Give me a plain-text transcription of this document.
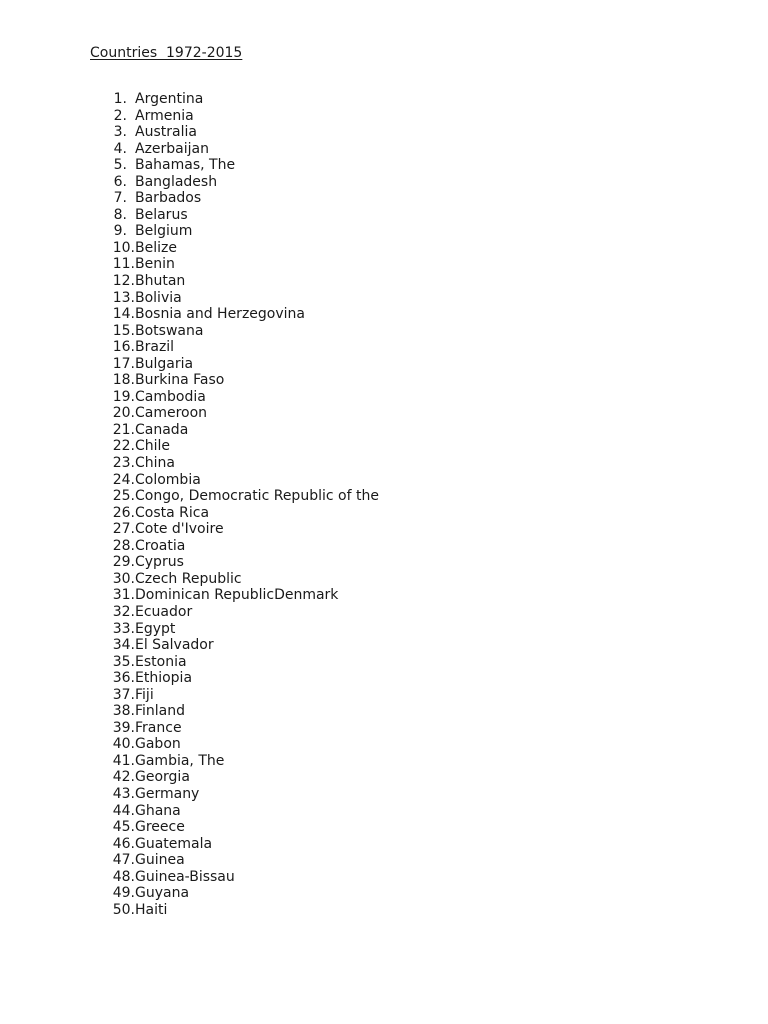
Countries  1972-2015

1. Argentina
2. Armenia
3. Australia
4. Azerbaijan
5. Bahamas, The
6. Bangladesh
7. Barbados
8. Belarus
9. Belgium
10. Belize
11. Benin
12. Bhutan
13. Bolivia
14. Bosnia and Herzegovina
15. Botswana
16. Brazil
17. Bulgaria
18. Burkina Faso
19. Cambodia
20. Cameroon
21. Canada
22. Chile
23. China
24. Colombia
25. Congo, Democratic Republic of the
26. Costa Rica
27. Cote d'Ivoire
28. Croatia
29. Cyprus
30. Czech Republic
31. Dominican RepublicDenmark
32. Ecuador
33. Egypt
34. El Salvador
35. Estonia
36. Ethiopia
37. Fiji
38. Finland
39. France
40. Gabon
41. Gambia, The
42. Georgia
43. Germany
44. Ghana
45. Greece
46. Guatemala
47. Guinea
48. Guinea-Bissau
49. Guyana
50. Haiti
